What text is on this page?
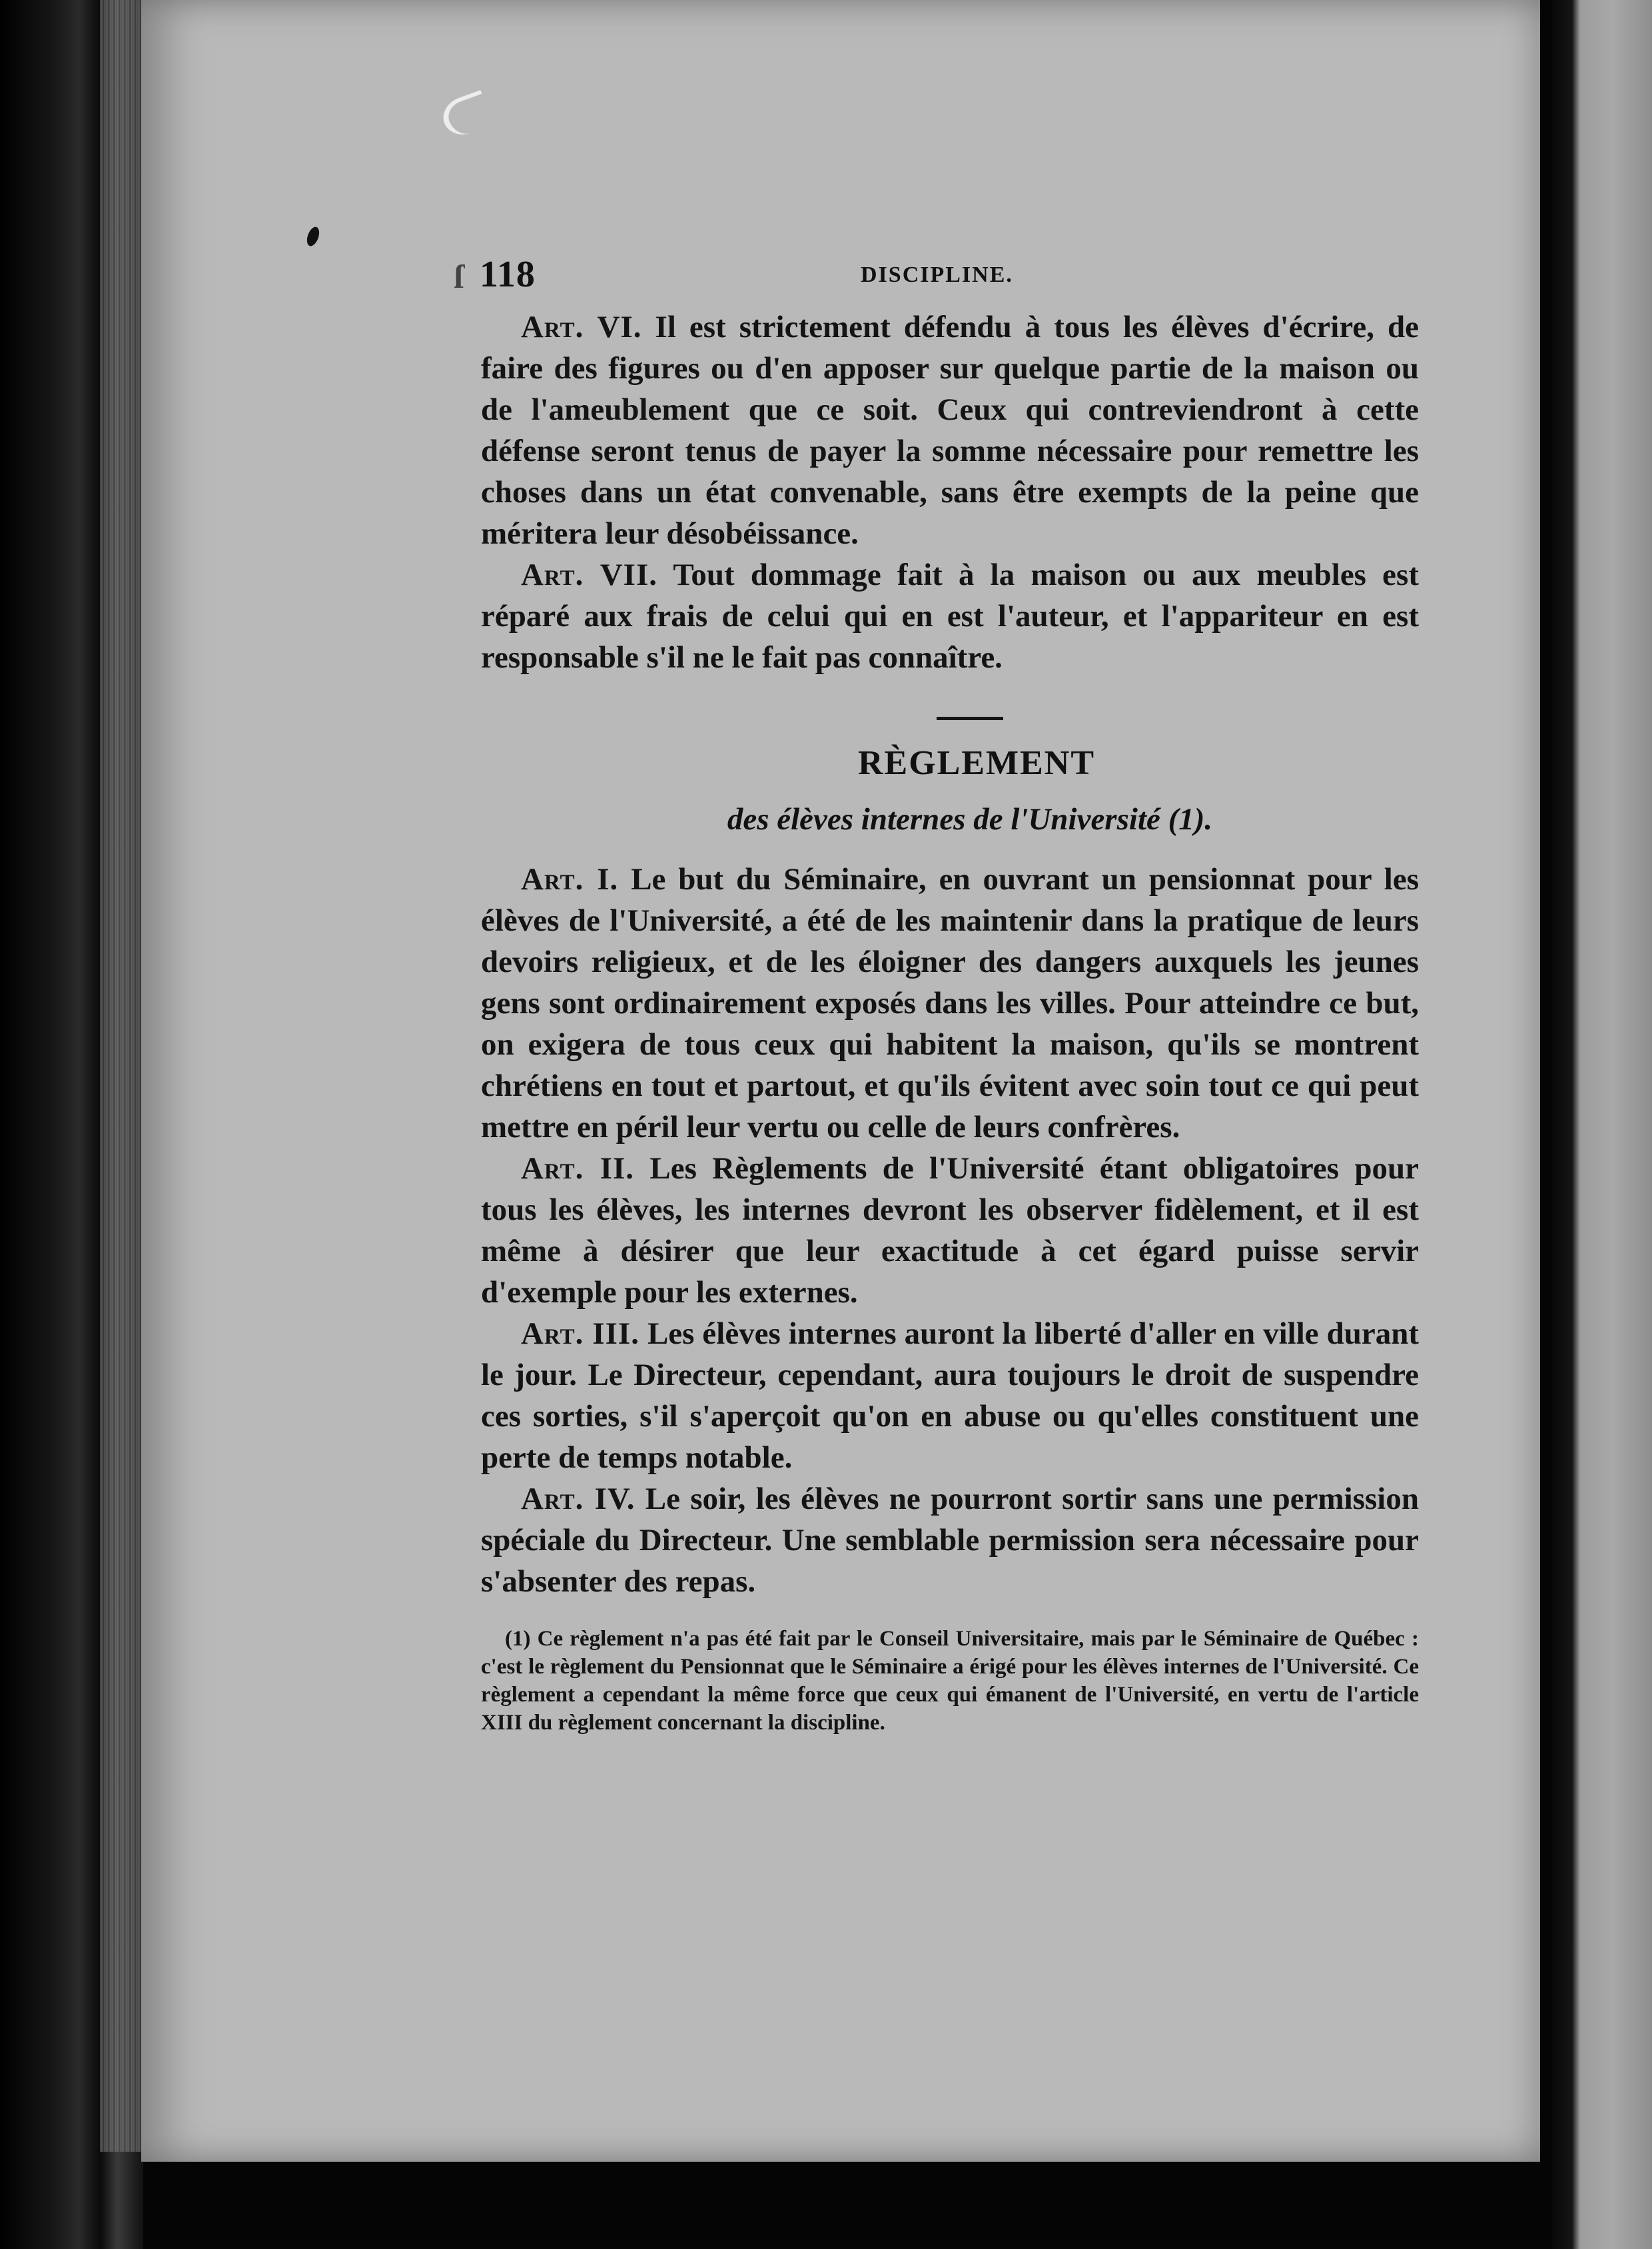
ſ 118	DISCIPLINE.

Art. VI. Il est strictement défendu à tous les élèves d'écrire, de faire des figures ou d'en apposer sur quelque partie de la maison ou de l'ameublement que ce soit. Ceux qui contreviendront à cette défense seront tenus de payer la somme nécessaire pour remettre les choses dans un état convenable, sans être exempts de la peine que méritera leur désobéissance.

Art. VII. Tout dommage fait à la maison ou aux meubles est réparé aux frais de celui qui en est l'auteur, et l'appariteur en est responsable s'il ne le fait pas connaître.

RÈGLEMENT
des élèves internes de l'Université (1).

Art. I. Le but du Séminaire, en ouvrant un pensionnat pour les élèves de l'Université, a été de les maintenir dans la pratique de leurs devoirs religieux, et de les éloigner des dangers auxquels les jeunes gens sont ordinairement exposés dans les villes. Pour atteindre ce but, on exigera de tous ceux qui habitent la maison, qu'ils se montrent chrétiens en tout et partout, et qu'ils évitent avec soin tout ce qui peut mettre en péril leur vertu ou celle de leurs confrères.

Art. II. Les Règlements de l'Université étant obligatoires pour tous les élèves, les internes devront les observer fidèlement, et il est même à désirer que leur exactitude à cet égard puisse servir d'exemple pour les externes.

Art. III. Les élèves internes auront la liberté d'aller en ville durant le jour. Le Directeur, cependant, aura toujours le droit de suspendre ces sorties, s'il s'aperçoit qu'on en abuse ou qu'elles constituent une perte de temps notable.

Art. IV. Le soir, les élèves ne pourront sortir sans une permission spéciale du Directeur. Une semblable permission sera nécessaire pour s'absenter des repas.

(1) Ce règlement n'a pas été fait par le Conseil Universitaire, mais par le Séminaire de Québec : c'est le règlement du Pensionnat que le Séminaire a érigé pour les élèves internes de l'Université. Ce règlement a cependant la même force que ceux qui émanent de l'Université, en vertu de l'article XIII du règlement concernant la discipline.
